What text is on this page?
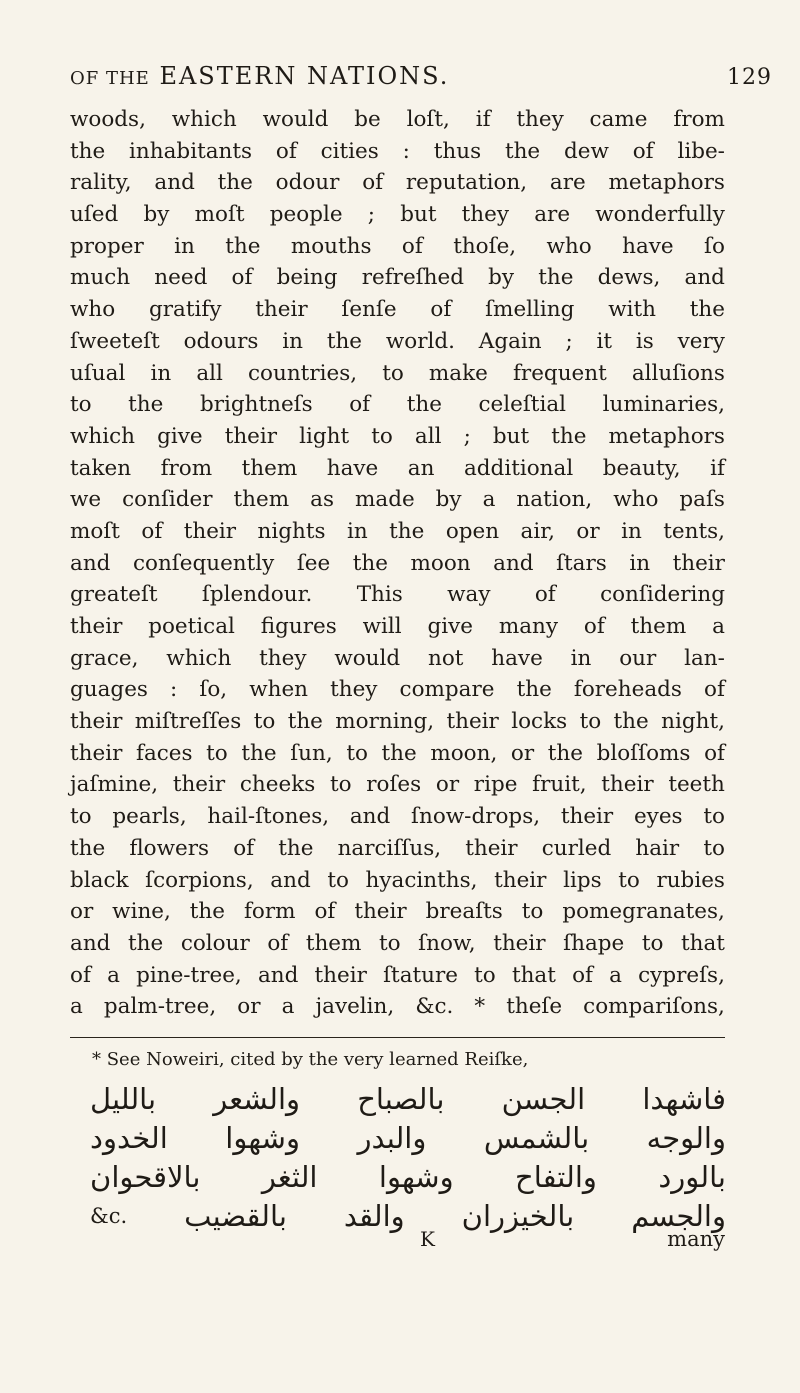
OF THE EASTERN NATIONS.	129
woods, which would be loſt, if they came from
the inhabitants of cities : thus the dew of libe-
rality, and the odour of reputation, are metaphors
uſed by moſt people ; but they are wonderfully
proper in the mouths of thoſe, who have ſo
much need of being refreſhed by the dews, and
who gratify their ſenſe of ſmelling with the
ſweeteſt odours in the world. Again ; it is very
uſual in all countries, to make frequent alluſions
to the brightneſs of the celeſtial luminaries,
which give their light to all ; but the metaphors
taken from them have an additional beauty, if
we conſider them as made by a nation, who paſs
moſt of their nights in the open air, or in tents,
and conſequently ſee the moon and ſtars in their
greateſt ſplendour. This way of conſidering
their poetical figures will give many of them a
grace, which they would not have in our lan-
guages : ſo, when they compare the foreheads of
their miſtreſſes to the morning, their locks to the night,
their faces to the ſun, to the moon, or the bloſſoms of
jaſmine, their cheeks to roſes or ripe fruit, their teeth
to pearls, hail-ſtones, and ſnow-drops, their eyes to
the flowers of the narciſſus, their curled hair to
black ſcorpions, and to hyacinths, their lips to rubies
or wine, the form of their breaſts to pomegranates,
and the colour of them to ſnow, their ſhape to that
of a pine-tree, and their ſtature to that of a cypreſs,
a palm-tree, or a javelin, &c. * theſe compariſons,
* See Noweiri, cited by the very learned Reiſke,
فاشهدا
الجسن
بالصباح
والشعر
بالليل
والوجه
بالشمس
والبدر
وشهوا
الخدود
بالورد
والتفاح
وشهوا
الثغر
بالاقحوان
والجسم
بالخيزران
والقد
بالقضيب
&c.
K	many
